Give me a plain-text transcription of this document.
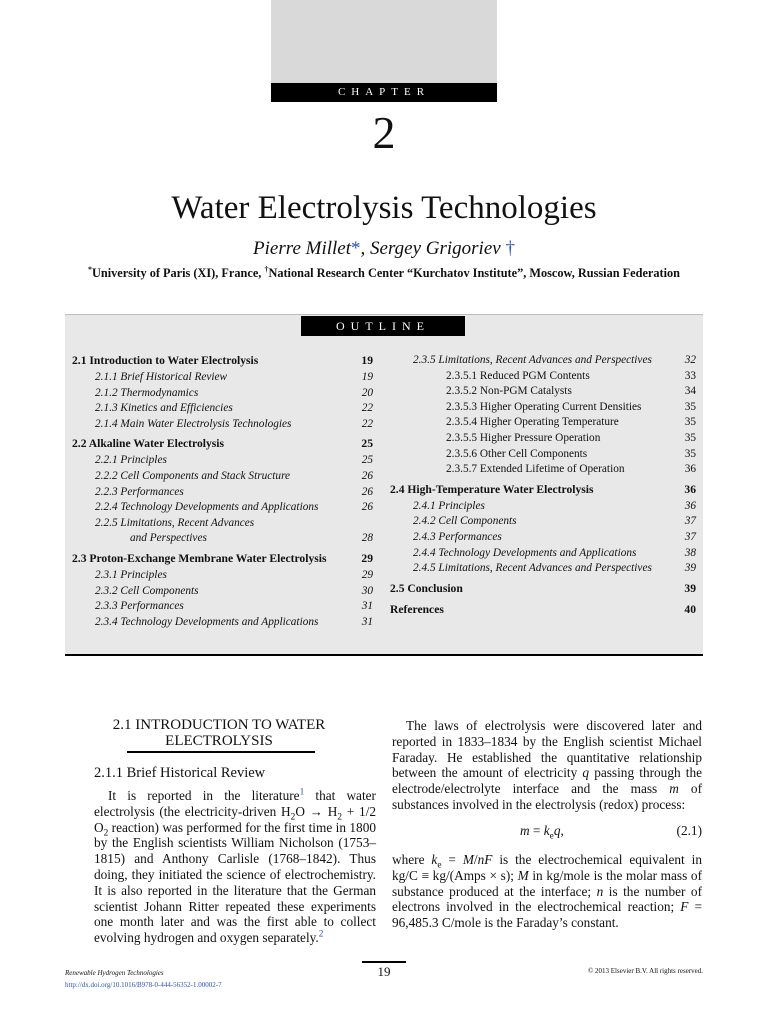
CHAPTER
2
Water Electrolysis Technologies
Pierre Millet*, Sergey Grigoriev †
*University of Paris (XI), France, †National Research Center “Kurchatov Institute”, Moscow, Russian Federation
OUTLINE
2.1 Introduction to Water Electrolysis	19
2.1.1 Brief Historical Review	19
2.1.2 Thermodynamics	20
2.1.3 Kinetics and Efficiencies	22
2.1.4 Main Water Electrolysis Technologies	22
2.2 Alkaline Water Electrolysis	25
2.2.1 Principles	25
2.2.2 Cell Components and Stack Structure	26
2.2.3 Performances	26
2.2.4 Technology Developments and Applications	26
2.2.5 Limitations, Recent Advances
and Perspectives	28
2.3 Proton-Exchange Membrane Water Electrolysis	29
2.3.1 Principles	29
2.3.2 Cell Components	30
2.3.3 Performances	31
2.3.4 Technology Developments and Applications	31
2.3.5 Limitations, Recent Advances and Perspectives	32
2.3.5.1 Reduced PGM Contents	33
2.3.5.2 Non-PGM Catalysts	34
2.3.5.3 Higher Operating Current Densities	35
2.3.5.4 Higher Operating Temperature	35
2.3.5.5 Higher Pressure Operation	35
2.3.5.6 Other Cell Components	35
2.3.5.7 Extended Lifetime of Operation	36
2.4 High-Temperature Water Electrolysis	36
2.4.1 Principles	36
2.4.2 Cell Components	37
2.4.3 Performances	37
2.4.4 Technology Developments and Applications	38
2.4.5 Limitations, Recent Advances and Perspectives	39
2.5 Conclusion	39
References	40
2.1 INTRODUCTION TO WATER
ELECTROLYSIS
2.1.1 Brief Historical Review

It is reported in the literature$^1$ that water electrolysis (the electricity-driven $H_2O \to H_2 + 1/2$ $O_2$ reaction) was performed for the first time in 1800 by the English scientists William Nicholson (1753–1815) and Anthony Carlisle (1768–1842). Thus doing, they initiated the science of electrochemistry. It is also reported in the literature that the German scientist Johann Ritter repeated these experiments one month later and was the first able to collect evolving hydrogen and oxygen separately.$^2$

The laws of electrolysis were discovered later and reported in 1833–1834 by the English scientist Michael Faraday. He established the quantitative relationship between the amount of electricity q passing through the electrode/electrolyte interface and the mass m of substances involved in the electrolysis (redox) process:

$m = k_eq$,	(2.1)

where $k_e = M/nF$ is the electrochemical equivalent in kg/C ≡ kg/(Amps × s); M in kg/mole is the molar mass of substance produced at the interface; n is the number of electrons involved in the electrochemical reaction; F = 96,485.3 C/mole is the Faraday’s constant.

Renewable Hydrogen Technologies
http://dx.doi.org/10.1016/B978-0-444-56352-1.00002-7
19	© 2013 Elsevier B.V. All rights reserved.
